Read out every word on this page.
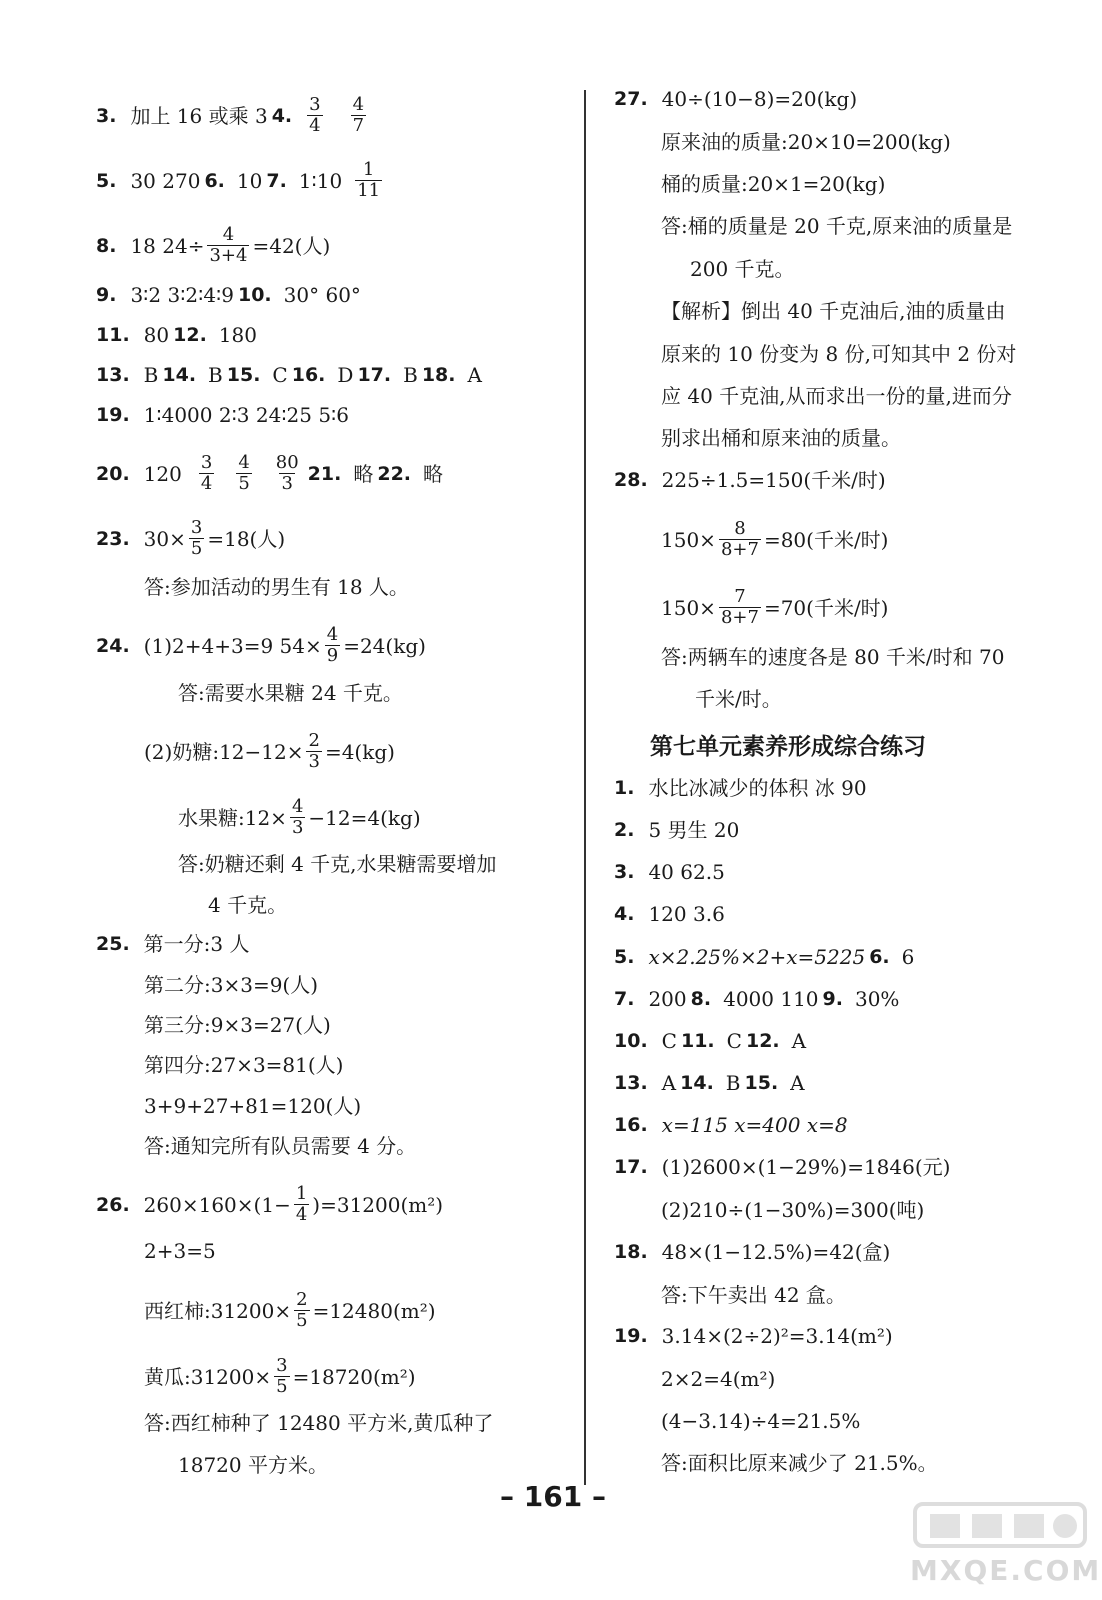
3. 加上 16 或乘 3 4. $\frac{3}{4} \frac{4}{7}$
5. 30 270 6. 10 7. 1∶10 $\frac{1}{11}$
8. 18 $24\div \frac{4}{3+4} =42$(人)
9. 3∶2 3∶2∶4∶9 10. 30° 60°
11. 80 12. 180
13. B 14. B 15. C 16. D 17. B 18. A
19. 1∶4000 2∶3 24∶25 5∶6
20. $120 \frac{3}{4} \frac{4}{5} \frac{80}{3} 21$. 略 22. 略
23. $30\times \frac{3}{5} =18$(人)
答:参加活动的男生有 18 人。
24. (1)2+4+3=9 $54\times \frac{4}{9} =24(kg)$
答:需要水果糖 24 千克。
(2)奶糖:12−12× $\frac{2}{3} =4(kg)$
水果糖:12× $\frac{4}{3} -12=4(kg)$
答:奶糖还剩 4 千克,水果糖需要增加
4 千克。
25. 第一分:3 人
第二分:3×3=9(人)
第三分:9×3=27(人)
第四分:27×3=81(人)
3+9+27+81=120(人)
答:通知完所有队员需要 4 分。
26. $260\times 160\times(1- \frac{1}{4} )=31200(m^2)$
2+3=5
西红柿:31200× $\frac{2}{5} =12480(m^2)$
黄瓜:31200× $\frac{3}{5} =18720(m^2)$
答:西红柿种了 12480 平方米,黄瓜种了
18720 平方米。
27. 40÷(10−8)=20(kg)
原来油的质量:20×10=200(kg)
桶的质量:20×1=20(kg)
答:桶的质量是 20 千克,原来油的质量是
200 千克。
【解析】倒出 40 千克油后,油的质量由
原来的 10 份变为 8 份,可知其中 2 份对
应 40 千克油,从而求出一份的量,进而分
别求出桶和原来油的质量。
28. 225÷1.5=150(千米/时)
$150\times \frac{8}{8+7} =80$(千米/时)
$150\times \frac{7}{8+7} =70$(千米/时)
答:两辆车的速度各是 80 千米/时和 70
千米/时。
第七单元素养形成综合练习
1. 水比冰减少的体积 冰 90
2. 5 男生 20
3. 40 62.5
4. 120 3.6
5. x×2.25%×2+x=5225 6. 6
7. 200 8. 4000 110 9. 30%
10. C 11. C 12. A
13. A 14. B 15. A
16. x=115 x=400 x=8
17. (1)2600×(1−29%)=1846(元)
(2)210÷(1−30%)=300(吨)
18. 48×(1−12.5%)=42(盒)
答:下午卖出 42 盒。
19. 3.14×(2÷2)²=3.14(m²)
2×2=4(m²)
(4−3.14)÷4=21.5%
答:面积比原来减少了 21.5%。
– 161 –
MXQE.COM
